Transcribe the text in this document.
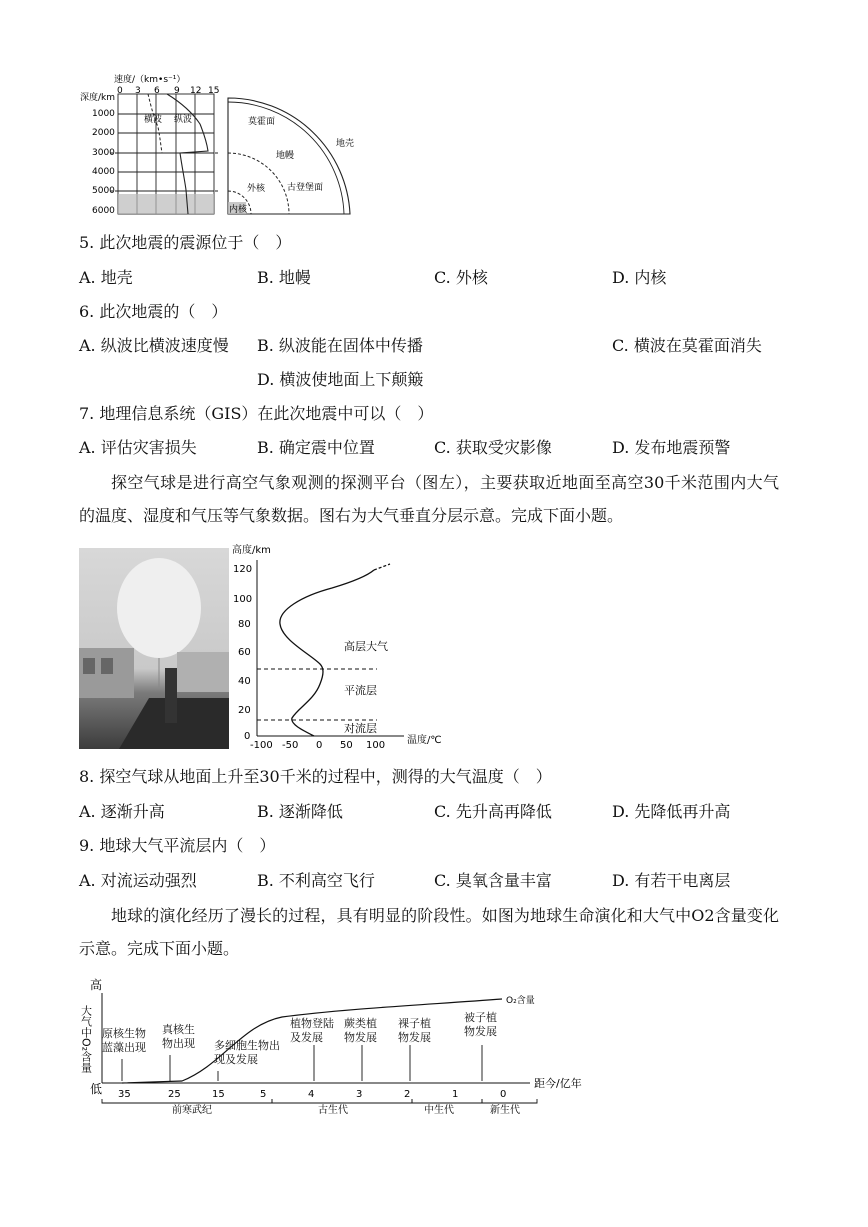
速度/（km•s⁻¹）
深度/km
0 3 6 9 12 15
1000
2000
3000
4000
5000
6000
横波 纵波	莫霍面
地壳
地幔
外核 古登堡面
内核
5. 此次地震的震源位于（　）
A. 地壳	B. 地幔	C. 外核	D. 内核
6. 此次地震的（　）
A. 纵波比横波速度慢 B. 纵波能在固体中传播	C. 横波在莫霍面消失
D. 横波使地面上下颠簸
7. 地理信息系统（GIS）在此次地震中可以（　）
A. 评估灾害损失	B. 确定震中位置	C. 获取受灾影像	D. 发布地震预警
探空气球是进行高空气象观测的探测平台（图左），主要获取近地面至高空30千米范围内大气的温度、湿度和气压等气象数据。图右为大气垂直分层示意。完成下面小题。
高度/km
0
20
40
60
80
100
120
-100 -50 0 50 100 温度/℃
高层大气
平流层
对流层
8. 探空气球从地面上升至30千米的过程中，测得的大气温度（　）
A. 逐渐升高	B. 逐渐降低	C. 先升高再降低	D. 先降低再升高
9. 地球大气平流层内（　）
A. 对流运动强烈	B. 不利高空飞行	C. 臭氧含量丰富	D. 有若干电离层
地球的演化经历了漫长的过程，具有明显的阶段性。如图为地球生命演化和大气中O2含量变化示意。完成下面小题。
高
低
大气中O₂含量
距今/亿年
O₂含量
35	25	15	5	4	3	2	1	0
前寒武纪	古生代	中生代	新生代
原核生物蓝藻出现
真核生物出现	多细胞生物出现及发展
植物登陆及发展
蕨类植物发展
裸子植物发展
被子植物发展
